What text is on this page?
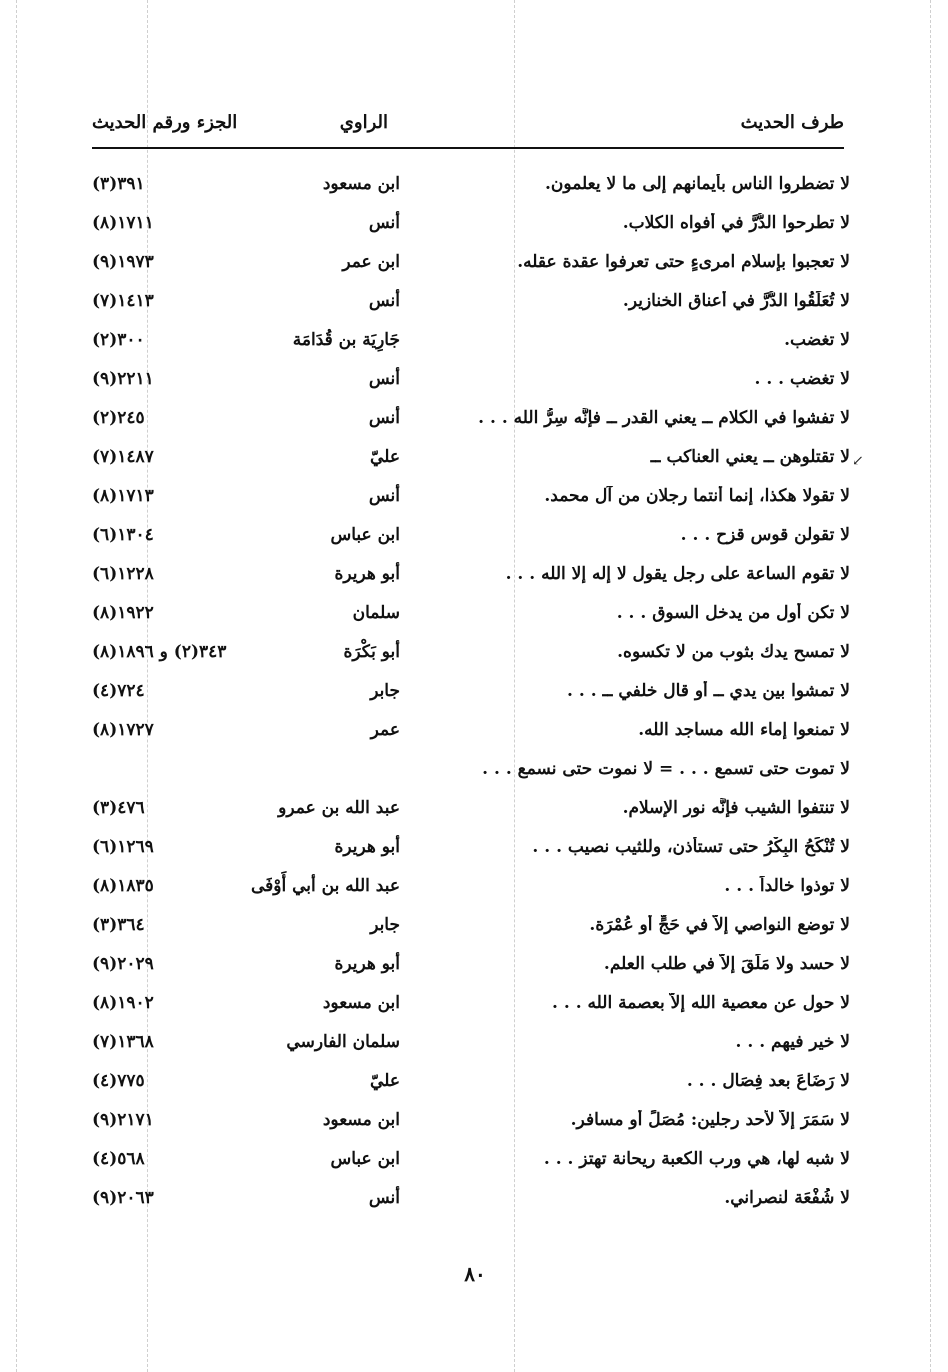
طرف الحديث
الراوي
الجزء ورقم الحديث
↙
لا تضطروا الناس بأيمانهم إلى ما لا يعلمون.
ابن مسعود
٣٩١(٣)
لا تطرحوا الدُّرَّ في أفواه الكلاب.
أنس
١٧١١(٨)
لا تعجبوا بإسلام امرىءٍ حتى تعرفوا عقدة عقله.
ابن عمر
١٩٧٣(٩)
لا تُعَلِّقُوا الدُّرَّ في أعناق الخنازير.
أنس
١٤١٣(٧)
لا تغضب.
جَارِيَة بن قُدَامَة
٣٠٠(٢)
لا تغضب . . .
أنس
٢٢١١(٩)
لا تفشوا في الكلام ــ يعني القدر ــ فإنَّه سِرُّ الله . . .
أنس
٢٤٥(٢)
لا تقتلوهن ــ يعني العناكب ــ
عليّ
١٤٨٧(٧)
لا تقولا هكذا، إنما أنتما رجلان من آل محمد.
أنس
١٧١٣(٨)
لا تقولن قوس قزح . . .
ابن عباس
١٣٠٤(٦)
لا تقوم الساعة على رجل يقول لا إله إلا الله . . .
أبو هريرة
١٢٢٨(٦)
لا تكن أول من يدخل السوق . . .
سلمان
١٩٢٢(٨)
لا تمسح يدك بثوب من لا تكسوه.
أبو بَكْرَة
٣٤٣(٢) و ١٨٩٦(٨)
لا تمشوا بين يدي ــ أو قال خلفي ــ . . .
جابر
٧٢٤(٤)
لا تمنعوا إماء الله مساجد الله.
عمر
١٧٢٧(٨)
لا تموت حتى تسمع . . . = لا نموت حتى نسمع . . .
لا تنتفوا الشيب فإنَّه نور الإسلام.
عبد الله بن عمرو
٤٧٦(٣)
لا تُنْكَحُ البِكْرُ حتى تستأذن، وللثيب نصيب . . .
أبو هريرة
١٢٦٩(٦)
لا توذوا خالداً . . .
عبد الله بن أبي أَوْفَى
١٨٣٥(٨)
لا توضع النواصي إلاَّ في حَجٍّ أو عُمْرَة.
جابر
٣٦٤(٣)
لا حسد ولا مَلَقَ إلاَّ في طلب العلم.
أبو هريرة
٢٠٢٩(٩)
لا حول عن معصية الله إلاَّ بعصمة الله . . .
ابن مسعود
١٩٠٢(٨)
لا خير فيهم . . .
سلمان الفارسي
١٣٦٨(٧)
لا رَضَاعَ بعد فِصَال . . .
عليّ
٧٧٥(٤)
لا سَمَرَ إلاَّ لأحد رجلين: مُصَلٍّ أو مسافر.
ابن مسعود
٢١٧١(٩)
لا شبه لها، هي ورب الكعبة ريحانة تهتز . . .
ابن عباس
٥٦٨(٤)
لا شُفْعَة لنصراني.
أنس
٢٠٦٣(٩)
٨٠
